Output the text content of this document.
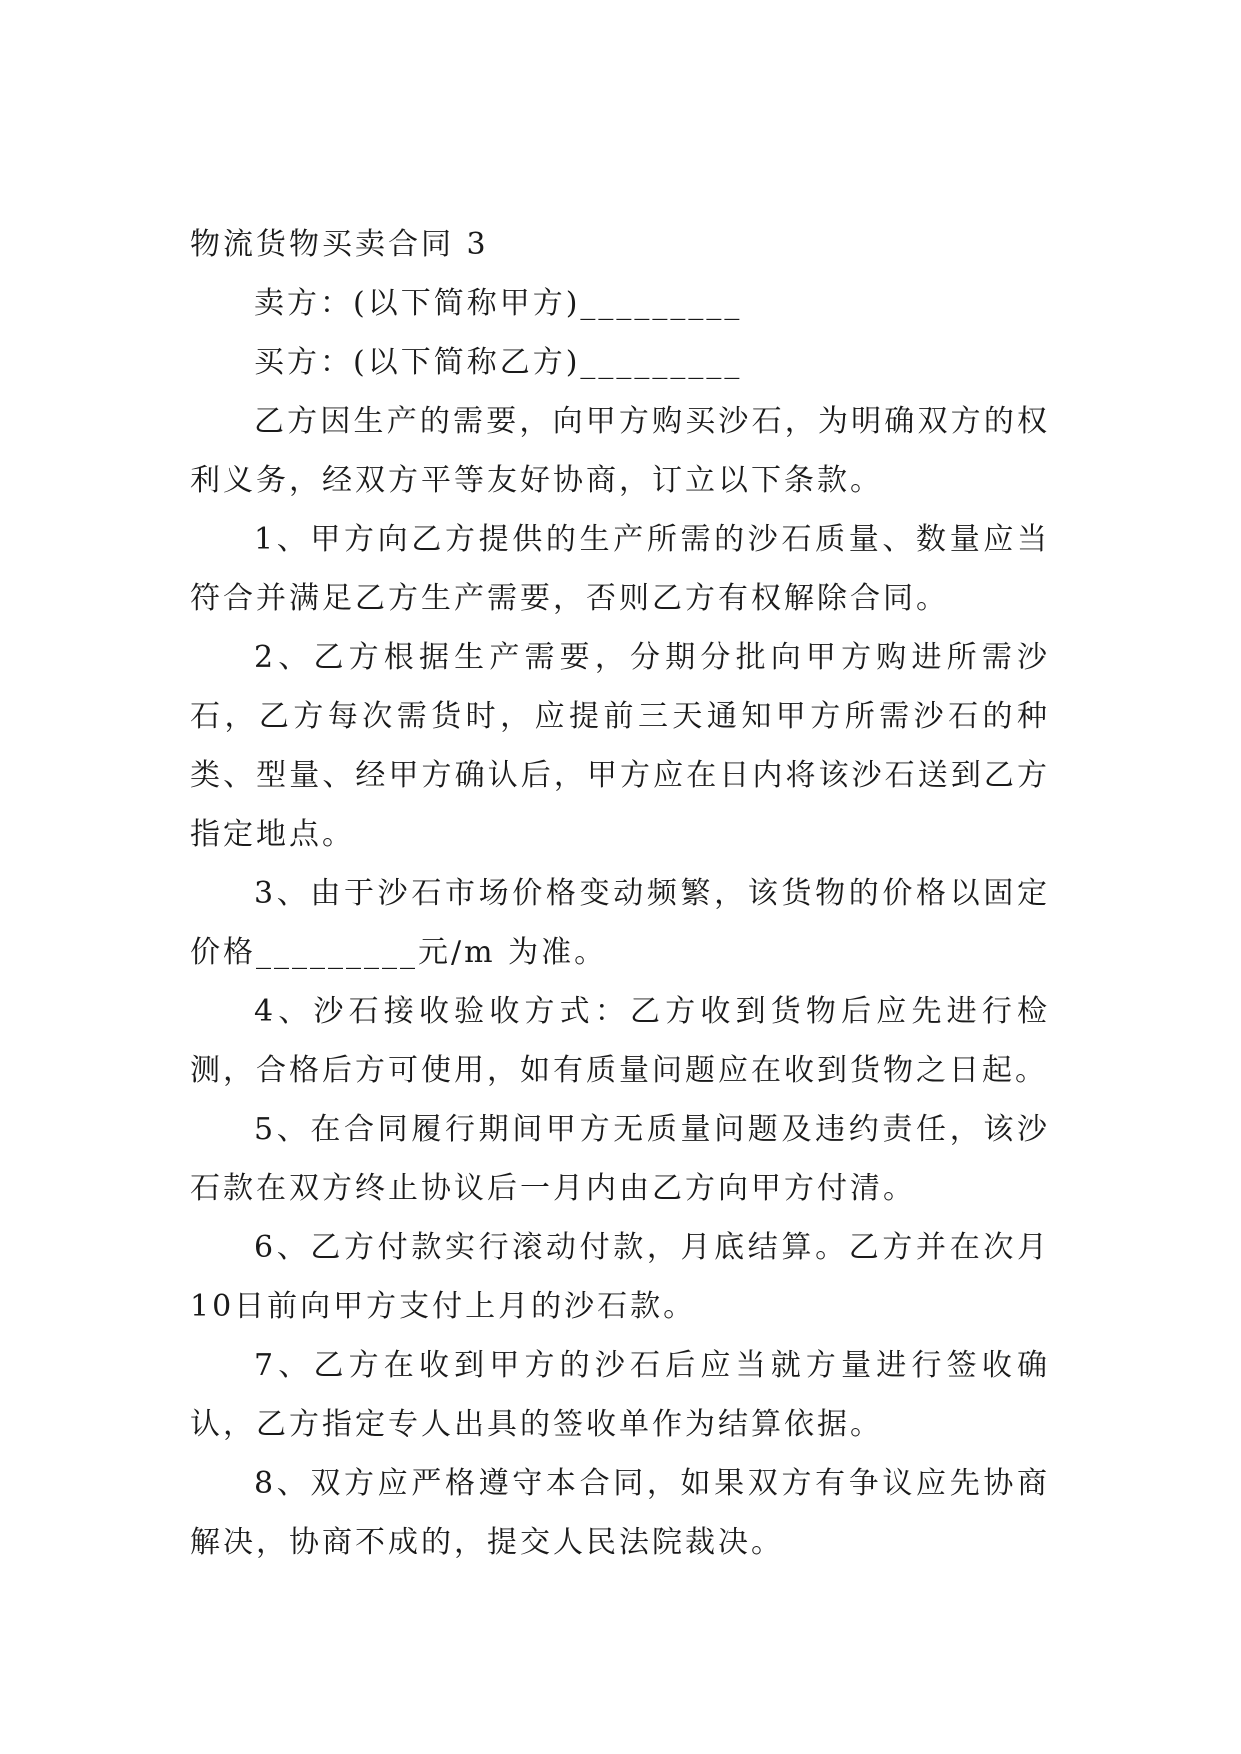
物流货物买卖合同 3

卖方：(以下简称甲方)_________

买方：(以下简称乙方)_________

乙方因生产的需要，向甲方购买沙石，为明确双方的权利义务，经双方平等友好协商，订立以下条款。

1、甲方向乙方提供的生产所需的沙石质量、数量应当符合并满足乙方生产需要，否则乙方有权解除合同。

2、乙方根据生产需要，分期分批向甲方购进所需沙石，乙方每次需货时，应提前三天通知甲方所需沙石的种类、型量、经甲方确认后，甲方应在日内将该沙石送到乙方指定地点。

3、由于沙石市场价格变动频繁，该货物的价格以固定价格_________元/m 为准。

4、沙石接收验收方式：乙方收到货物后应先进行检测，合格后方可使用，如有质量问题应在收到货物之日起。

5、在合同履行期间甲方无质量问题及违约责任，该沙石款在双方终止协议后一月内由乙方向甲方付清。

6、乙方付款实行滚动付款，月底结算。乙方并在次月 10日前向甲方支付上月的沙石款。

7、乙方在收到甲方的沙石后应当就方量进行签收确认，乙方指定专人出具的签收单作为结算依据。

8、双方应严格遵守本合同，如果双方有争议应先协商解决，协商不成的，提交人民法院裁决。
